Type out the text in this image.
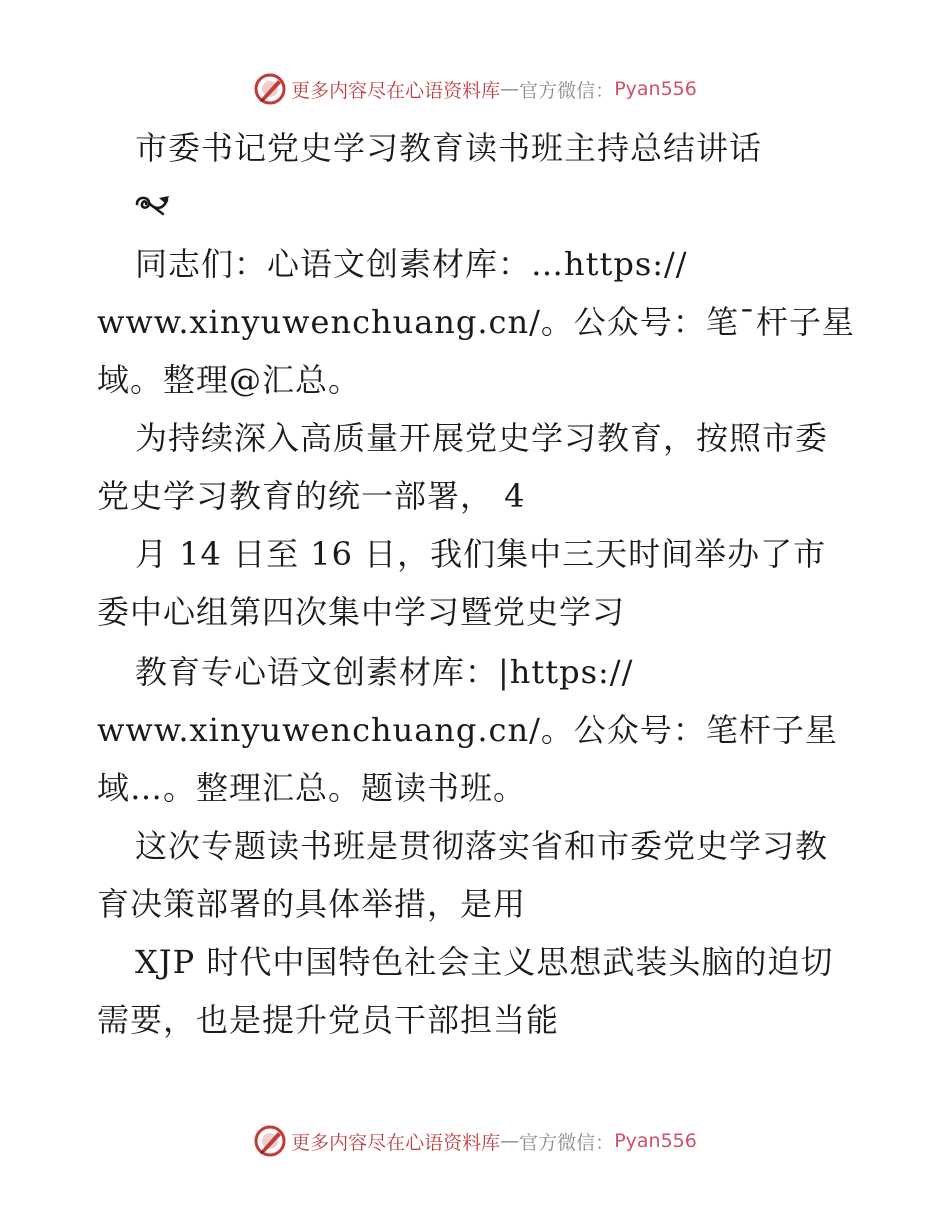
更多内容尽在心语资料库 — 官方微信： Pyan556
市委书记党史学习教育读书班主持总结讲话
同志们：心语文创素材库：…https://
www.xinyuwenchuang.cn/。公众号：笔¯杆子星
域。整理@汇总。
为持续深入高质量开展党史学习教育，按照市委
党史学习教育的统一部署， 4
月 14 日至 16 日，我们集中三天时间举办了市
委中心组第四次集中学习暨党史学习
教育专心语文创素材库：|https://
www.xinyuwenchuang.cn/。公众号：笔杆子星
域…。整理汇总。题读书班。
这次专题读书班是贯彻落实省和市委党史学习教
育决策部署的具体举措，是用
XJP 时代中国特色社会主义思想武装头脑的迫切
需要，也是提升党员干部担当能
更多内容尽在心语资料库 — 官方微信： Pyan556
